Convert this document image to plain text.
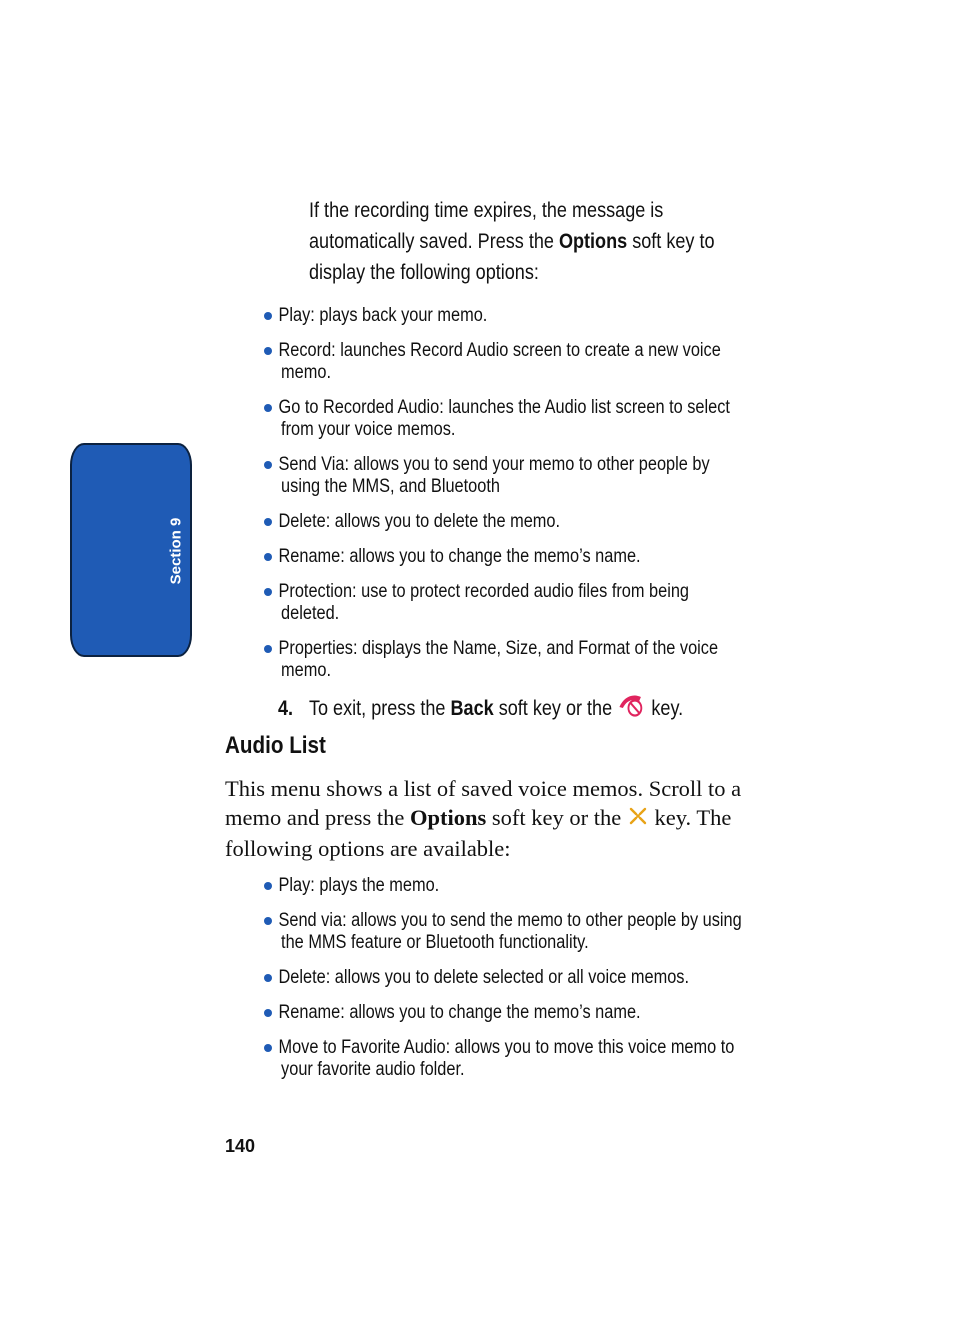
Section 9
If the recording time expires, the message is
automatically saved. Press the Options soft key to
display the following options:
Play: plays back your memo.
Record: launches Record Audio screen to create a new voice
memo.
Go to Recorded Audio: launches the Audio list screen to select
from your voice memos.
Send Via: allows you to send your memo to other people by
using the MMS, and Bluetooth
Delete: allows you to delete the memo.
Rename: allows you to change the memo’s name.
Protection: use to protect recorded audio files from being
deleted.
Properties: displays the Name, Size, and Format of the voice
memo.
4. To exit, press the Back soft key or the  key.
Audio List
This menu shows a list of saved voice memos. Scroll to a
memo and press the Options soft key or the  key. The
following options are available:
Play: plays the memo.
Send via: allows you to send the memo to other people by using
the MMS feature or Bluetooth functionality.
Delete: allows you to delete selected or all voice memos.
Rename: allows you to change the memo’s name.
Move to Favorite Audio: allows you to move this voice memo to
your favorite audio folder.
140
